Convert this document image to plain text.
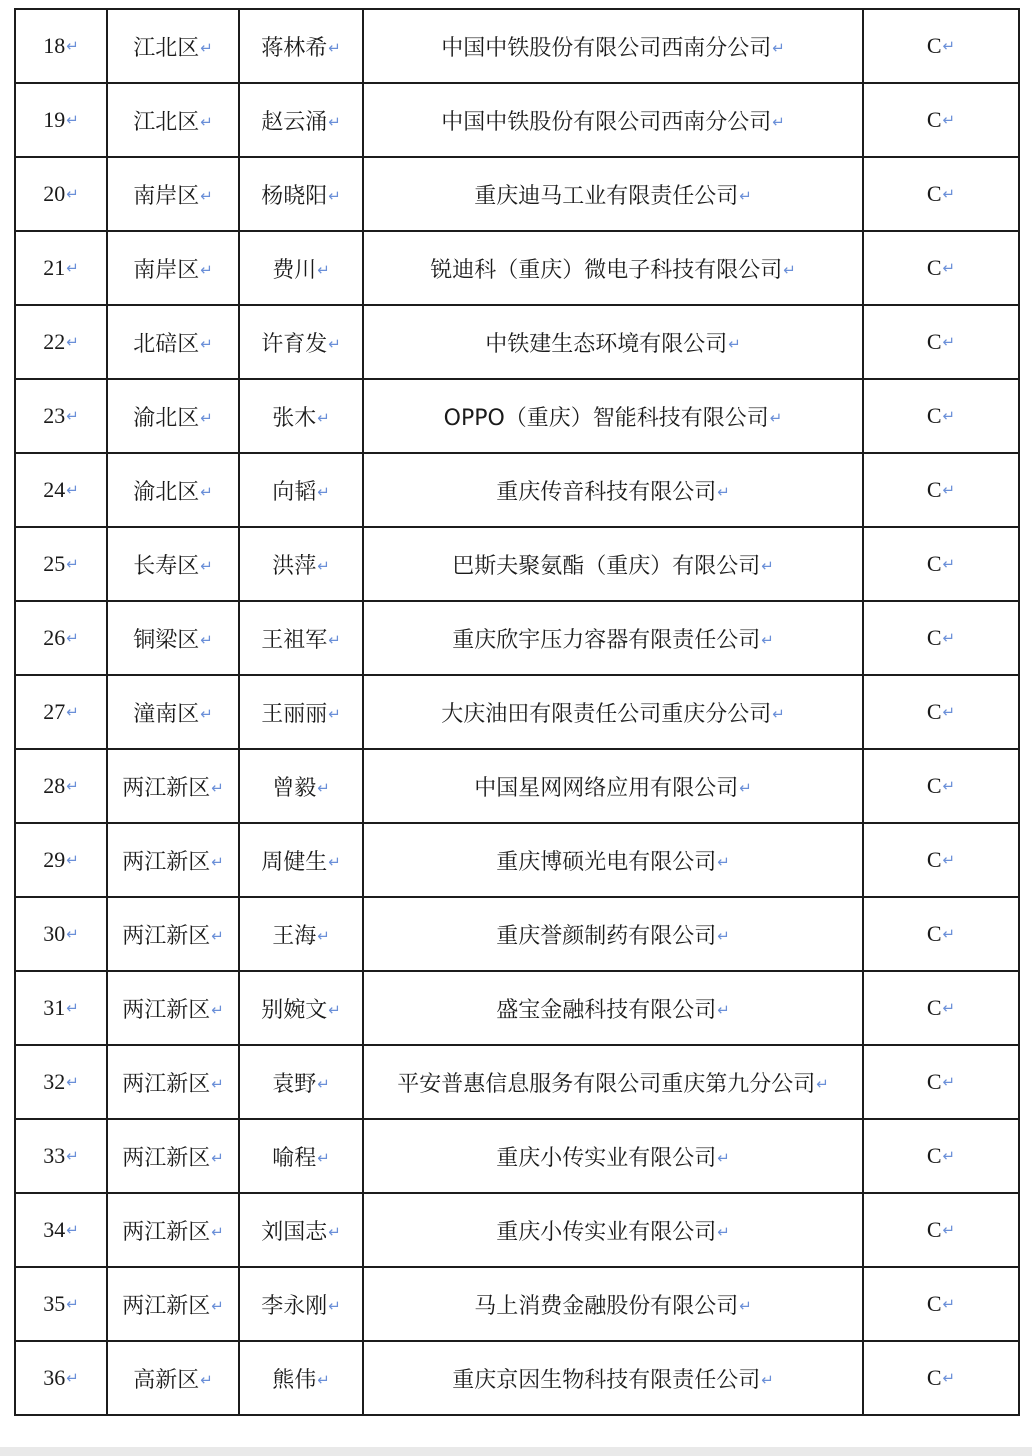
18↵	江北区↵	蒋林希↵	中国中铁股份有限公司西南分公司↵	C↵
19↵	江北区↵	赵云涌↵	中国中铁股份有限公司西南分公司↵	C↵
20↵	南岸区↵	杨晓阳↵	重庆迪马工业有限责任公司↵	C↵
21↵	南岸区↵	费川↵	锐迪科（重庆）微电子科技有限公司↵	C↵
22↵	北碚区↵	许育发↵	中铁建生态环境有限公司↵	C↵
23↵	渝北区↵	张木↵	OPPO（重庆）智能科技有限公司↵	C↵
24↵	渝北区↵	向韬↵	重庆传音科技有限公司↵	C↵
25↵	长寿区↵	洪萍↵	巴斯夫聚氨酯（重庆）有限公司↵	C↵
26↵	铜梁区↵	王祖军↵	重庆欣宇压力容器有限责任公司↵	C↵
27↵	潼南区↵	王丽丽↵	大庆油田有限责任公司重庆分公司↵	C↵
28↵	两江新区↵	曾毅↵	中国星网网络应用有限公司↵	C↵
29↵	两江新区↵	周健生↵	重庆博硕光电有限公司↵	C↵
30↵	两江新区↵	王海↵	重庆誉颜制药有限公司↵	C↵
31↵	两江新区↵	别婉文↵	盛宝金融科技有限公司↵	C↵
32↵	两江新区↵	袁野↵	平安普惠信息服务有限公司重庆第九分公司↵	C↵
33↵	两江新区↵	喻程↵	重庆小传实业有限公司↵	C↵
34↵	两江新区↵	刘国志↵	重庆小传实业有限公司↵	C↵
35↵	两江新区↵	李永刚↵	马上消费金融股份有限公司↵	C↵
36↵	高新区↵	熊伟↵	重庆京因生物科技有限责任公司↵	C↵
